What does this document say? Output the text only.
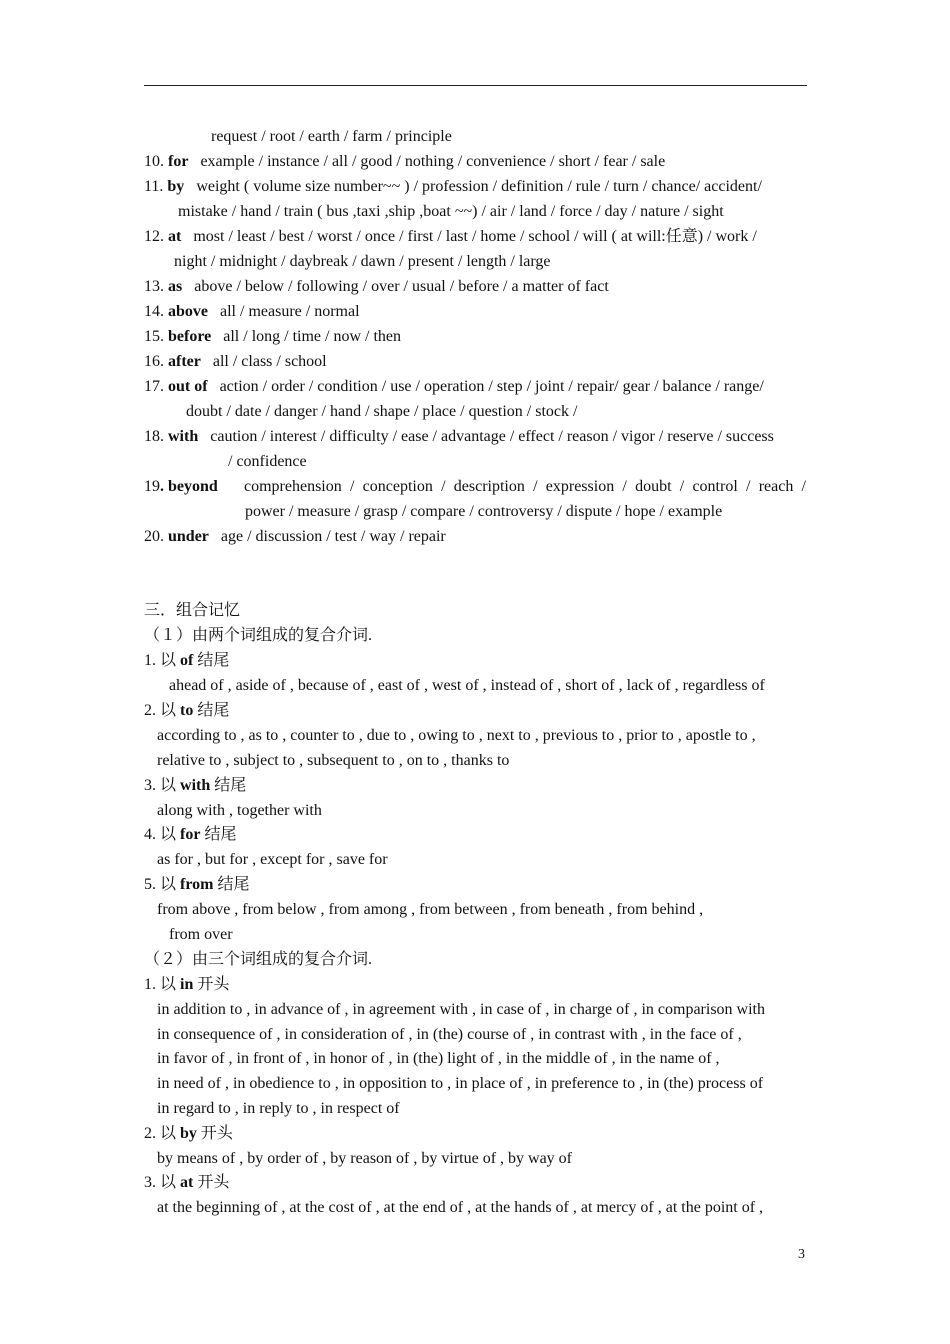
request / root / earth / farm / principle
10. for example / instance / all / good / nothing / convenience / short / fear / sale
11. by weight ( volume size number~~ ) / profession / definition / rule / turn / chance/ accident/
mistake / hand / train ( bus ,taxi ,ship ,boat ~~) / air / land / force / day / nature / sight
12. at most / least / best / worst / once / first / last / home / school / will ( at will:任意) / work /
night / midnight / daybreak / dawn / present / length / large
13. as above / below / following / over / usual / before / a matter of fact
14. above all / measure / normal
15. before all / long / time / now / then
16. after all / class / school
17. out of action / order / condition / use / operation / step / joint / repair/ gear / balance / range/
doubt / date / danger / hand / shape / place / question / stock /
18. with caution / interest / difficulty / ease / advantage / effect / reason / vigor / reserve / success
/ confidence
19. beyond comprehension / conception / description / expression / doubt / control / reach /
power / measure / grasp / compare / controversy / dispute / hope / example
20. under age / discussion / test / way / repair
三．组合记忆
（１）由两个词组成的复合介词.
1. 以 of 结尾
ahead of , aside of , because of , east of , west of , instead of , short of , lack of , regardless of
2. 以 to 结尾
according to , as to , counter to , due to , owing to , next to , previous to , prior to , apostle to ,
relative to , subject to , subsequent to , on to , thanks to
3. 以 with 结尾
along with , together with
4. 以 for 结尾
as for , but for , except for , save for
5. 以 from 结尾
from above , from below , from among , from between , from beneath , from behind ,
from over
（２）由三个词组成的复合介词.
1. 以 in 开头
in addition to , in advance of , in agreement with , in case of , in charge of , in comparison with
in consequence of , in consideration of , in (the) course of , in contrast with , in the face of ,
in favor of , in front of , in honor of , in (the) light of , in the middle of , in the name of ,
in need of , in obedience to , in opposition to , in place of , in preference to , in (the) process of
in regard to , in reply to , in respect of
2. 以 by 开头
by means of , by order of , by reason of , by virtue of , by way of
3. 以 at 开头
at the beginning of , at the cost of , at the end of , at the hands of , at mercy of , at the point of ,
3
